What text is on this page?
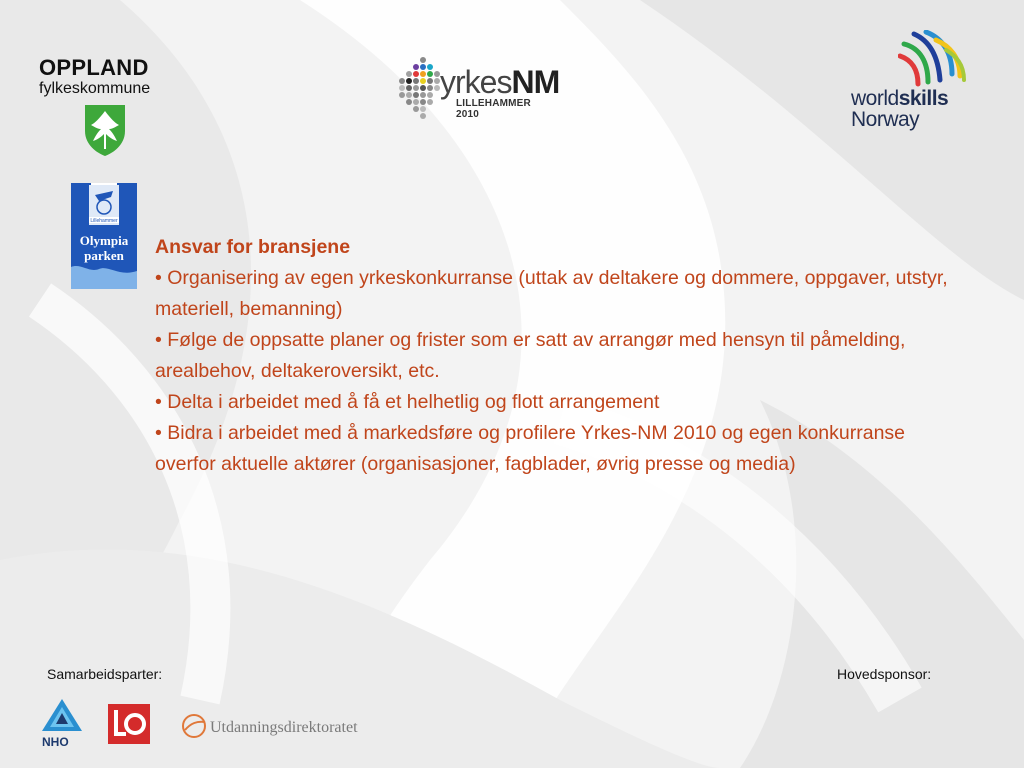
OPPLAND
fylkeskommune	yrkesNM
LILLEHAMMER 2010
worldskills
Norway
Lillehammer
Olympia
parken Ansvar for bransjene

• Organisering av egen yrkeskonkurranse (uttak av deltakere og dommere, oppgaver, utstyr, materiell, bemanning)

• Følge de oppsatte planer og frister som er satt av arrangør med hensyn til påmelding, arealbehov, deltakeroversikt, etc.

• Delta i arbeidet med å få et helhetlig og flott arrangement

• Bidra i arbeidet med å markedsføre og profilere Yrkes-NM 2010 og egen konkurranse overfor aktuelle aktører (organisasjoner, fagblader, øvrig presse og media)

Samarbeidsparter:	Hovedsponsor:
NHO
Utdanningsdirektoratet
